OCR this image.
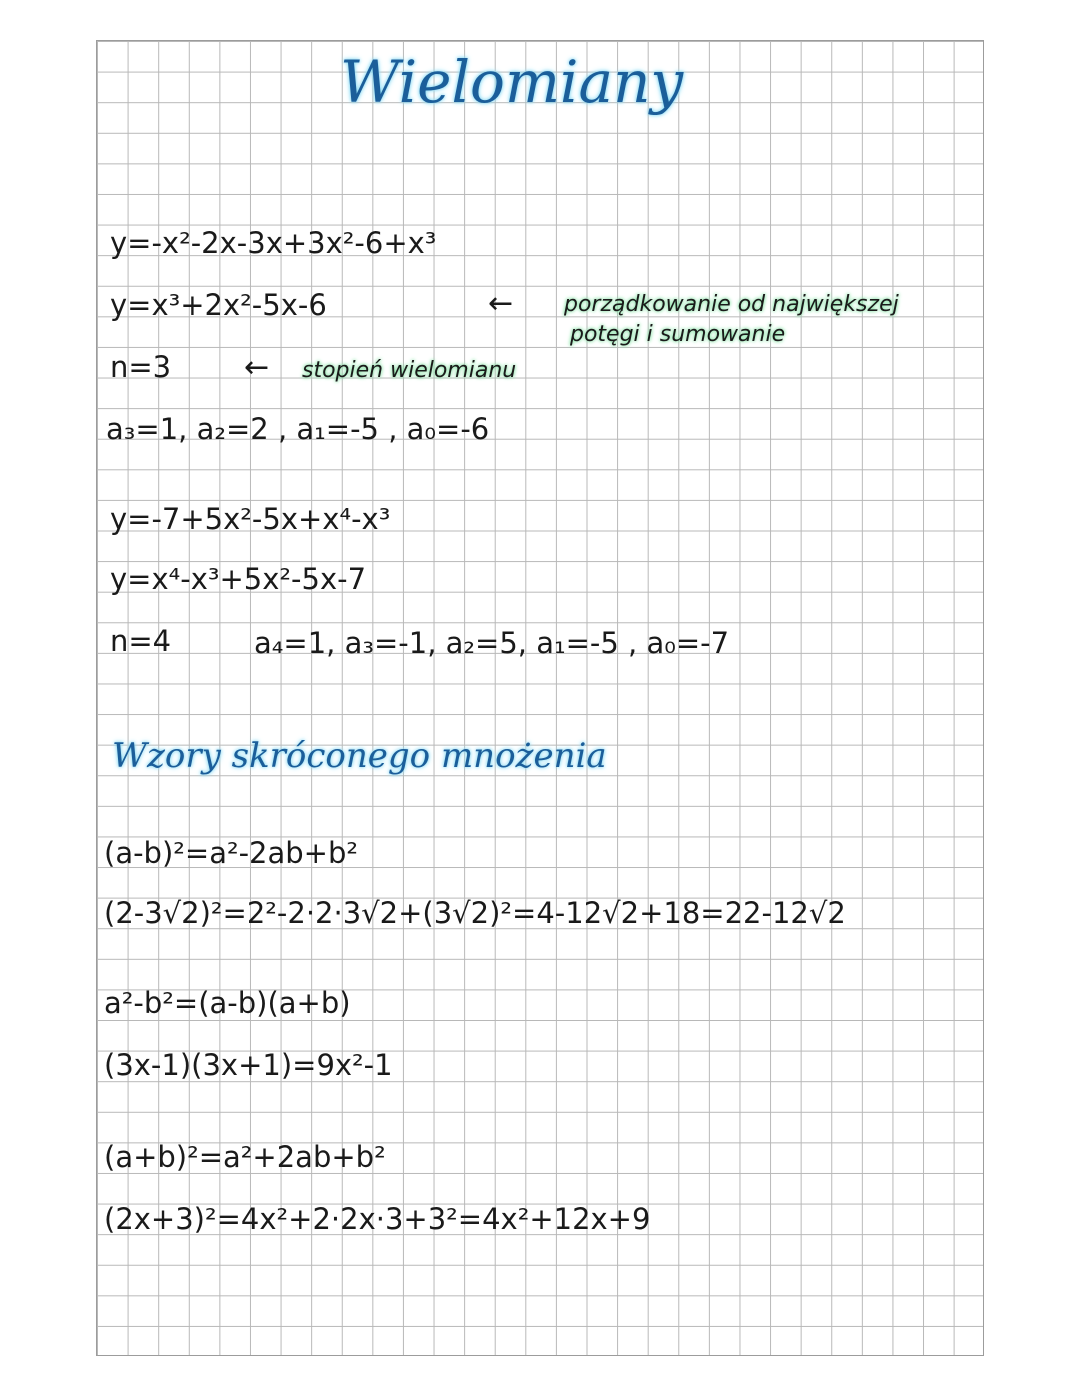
Wielomiany
y=-x²-2x-3x+3x²-6+x³
y=x³+2x²-5x-6	← porządkowanie od największej
potęgi i sumowanie
n=3 ← stopień wielomianu
a₃=1, a₂=2 , a₁=-5 , a₀=-6
y=-7+5x²-5x+x⁴-x³
y=x⁴-x³+5x²-5x-7
n=4	a₄=1, a₃=-1, a₂=5, a₁=-5 , a₀=-7
Wzory skróconego mnożenia
(a-b)²=a²-2ab+b²
(2-3√2)²=2²-2·2·3√2+(3√2)²=4-12√2+18=22-12√2
a²-b²=(a-b)(a+b)
(3x-1)(3x+1)=9x²-1
(a+b)²=a²+2ab+b²
(2x+3)²=4x²+2·2x·3+3²=4x²+12x+9
